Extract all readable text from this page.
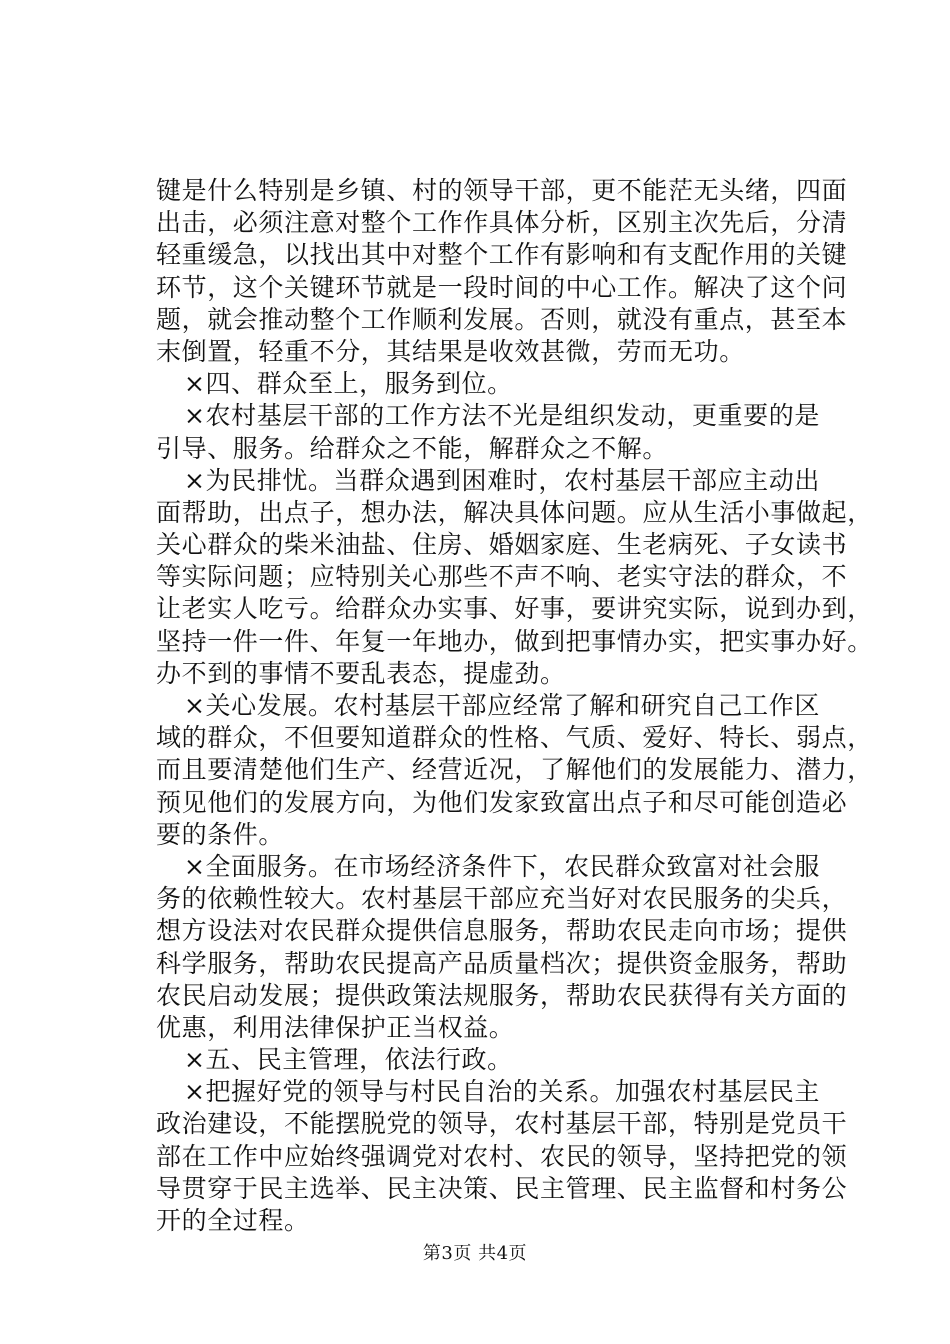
键是什么特别是乡镇、村的领导干部，更不能茫无头绪，四面
出击，必须注意对整个工作作具体分析，区别主次先后，分清
轻重缓急，以找出其中对整个工作有影响和有支配作用的关键
环节，这个关键环节就是一段时间的中心工作。解决了这个问
题，就会推动整个工作顺利发展。否则，就没有重点，甚至本
末倒置，轻重不分，其结果是收效甚微，劳而无功。
×四、群众至上，服务到位。
×农村基层干部的工作方法不光是组织发动，更重要的是
引导、服务。给群众之不能，解群众之不解。
×为民排忧。当群众遇到困难时，农村基层干部应主动出
面帮助，出点子，想办法，解决具体问题。应从生活小事做起，
关心群众的柴米油盐、住房、婚姻家庭、生老病死、子女读书
等实际问题；应特别关心那些不声不响、老实守法的群众，不
让老实人吃亏。给群众办实事、好事，要讲究实际，说到办到，
坚持一件一件、年复一年地办，做到把事情办实，把实事办好。
办不到的事情不要乱表态，提虚劲。
×关心发展。农村基层干部应经常了解和研究自己工作区
域的群众，不但要知道群众的性格、气质、爱好、特长、弱点，
而且要清楚他们生产、经营近况，了解他们的发展能力、潜力，
预见他们的发展方向，为他们发家致富出点子和尽可能创造必
要的条件。
×全面服务。在市场经济条件下，农民群众致富对社会服
务的依赖性较大。农村基层干部应充当好对农民服务的尖兵，
想方设法对农民群众提供信息服务，帮助农民走向市场；提供
科学服务，帮助农民提高产品质量档次；提供资金服务，帮助
农民启动发展；提供政策法规服务，帮助农民获得有关方面的
优惠，利用法律保护正当权益。
×五、民主管理，依法行政。
×把握好党的领导与村民自治的关系。加强农村基层民主
政治建设，不能摆脱党的领导，农村基层干部，特别是党员干
部在工作中应始终强调党对农村、农民的领导，坚持把党的领
导贯穿于民主选举、民主决策、民主管理、民主监督和村务公
开的全过程。
第3页 共4页
